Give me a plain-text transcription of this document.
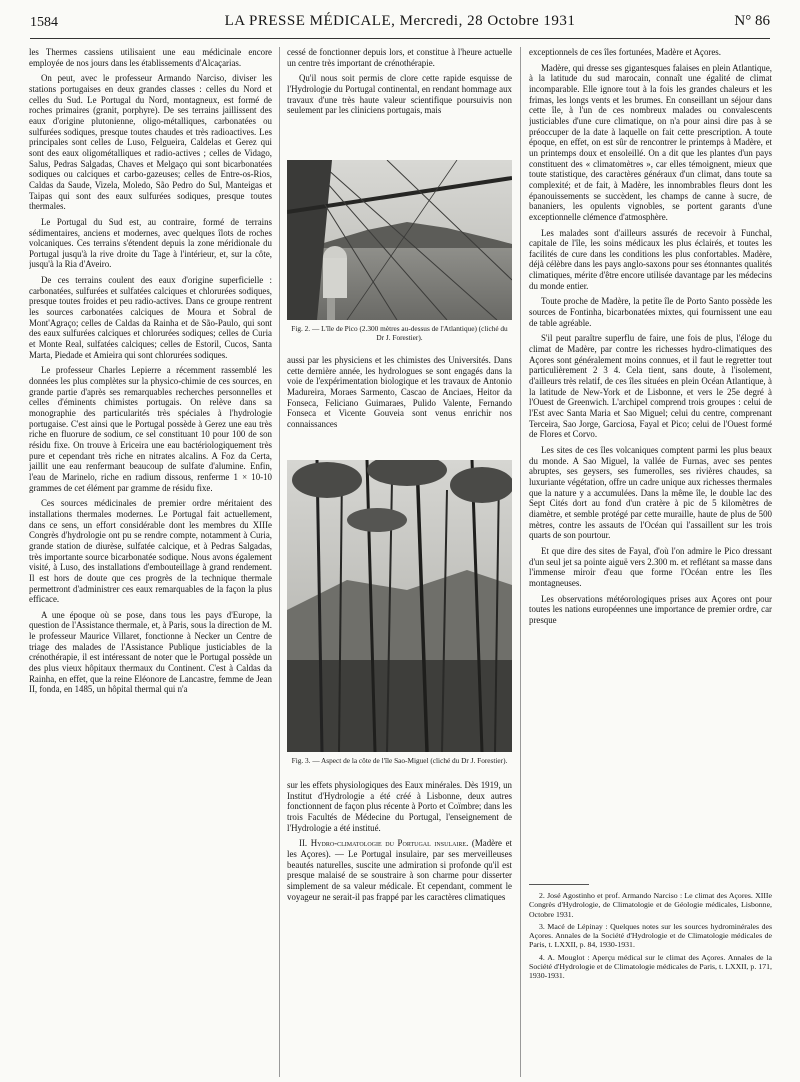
1584	LA PRESSE MÉDICALE, Mercredi, 28 Octobre 1931	N° 86

les Thermes cassiens utilisaient une eau médicinale encore employée de nos jours dans les établissements d'Alcaçarias.

On peut, avec le professeur Armando Narciso, diviser les stations portugaises en deux grandes classes : celles du Nord et celles du Sud. Le Portugal du Nord, montagneux, est formé de roches primaires (granit, porphyre). De ses terrains jaillissent des eaux d'origine plutonienne, oligo-métalliques, carbonatées ou sulfurées sodiques, presque toutes chaudes et très radioactives. Les principales sont celles de Luso, Felgueira, Caldelas et Gerez qui sont des eaux oligométalliques et radio-actives ; celles de Vidago, Salus, Pedras Salgadas, Chaves et Melgaço qui sont bicarbonatées sodiques ou calciques et carbo-gazeuses; celles de Entre-os-Rios, Caldas da Saude, Vizela, Moledo, São Pedro do Sul, Manteigas et Taipas qui sont des eaux sulfurées sodiques, presque toutes thermales.

Le Portugal du Sud est, au contraire, formé de terrains sédimentaires, anciens et modernes, avec quelques îlots de roches volcaniques. Ces terrains s'étendent depuis la zone méridionale du Portugal jusqu'à la rive droite du Tage à l'intérieur, et, sur la côte, jusqu'à la Ria d'Aveiro.

De ces terrains coulent des eaux d'origine superficielle : carbonatées, sulfurées et sulfatées calciques et chlorurées sodiques, presque toutes froides et peu radio-actives. Dans ce groupe rentrent les sources carbonatées calciques de Moura et Sobral de Mont'Agraço; celles de Caldas da Rainha et de São-Paulo, qui sont des eaux sulfurées calciques et chlorurées sodiques; celles de Curia et Monte Real, sulfatées calciques; celles de Estoril, Cucos, Santa Marta, Piedade et Amieira qui sont chlorurées sodiques.

Le professeur Charles Lepierre a récemment rassemblé les données les plus complètes sur la physico-chimie de ces sources, en grande partie d'après ses remarquables recherches personnelles et celles d'éminents chimistes portugais. On relève dans sa monographie des particularités très spéciales à l'hydrologie portugaise. C'est ainsi que le Portugal possède à Gerez une eau très riche en fluorure de sodium, ce sel constituant 10 pour 100 de son résidu fixe. On trouve à Ericeira une eau bactériologiquement très pure et cependant très riche en nitrates alcalins. A Foz da Certa, jaillit une eau renfermant beaucoup de sulfate d'alumine. Enfin, l'eau de Marinelo, riche en radium dissous, renferme 1 × 10-10 grammes de cet élément par gramme de résidu fixe.

Ces sources médicinales de premier ordre méritaient des installations thermales modernes. Le Portugal fait actuellement, dans ce sens, un effort considérable dont les membres du XIIIe Congrès d'hydrologie ont pu se rendre compte, notamment à Curia, grande station de diurèse, sulfatée calcique, et à Pedras Salgadas, très importante source bicarbonatée sodique. Nous avons également visité, à Luso, des installations d'embouteillage à grand rendement. Il est hors de doute que ces progrès de la technique thermale permettront d'administrer ces eaux remarquables de la façon la plus efficace.

A une époque où se pose, dans tous les pays d'Europe, la question de l'Assistance thermale, et, à Paris, sous la direction de M. le professeur Maurice Villaret, fonctionne à Necker un Centre de triage des malades de l'Assistance Publique justiciables de la crénothérapie, il est intéressant de noter que le Portugal possède un des plus vieux hôpitaux thermaux du Continent. C'est à Caldas da Rainha, en effet, que la reine Eléonore de Lancastre, femme de Jean II, fonda, en 1485, un hôpital thermal qui n'a

cessé de fonctionner depuis lors, et constitue à l'heure actuelle un centre très important de crénothérapie.

Qu'il nous soit permis de clore cette rapide esquisse de l'Hydrologie du Portugal continental, en rendant hommage aux travaux d'une très haute valeur scientifique poursuivis non seulement par les cliniciens portugais, mais

Fig. 2. — L'île de Pico (2.300 mètres au-dessus de l'Atlantique) (cliché du Dr J. Forestier).

aussi par les physiciens et les chimistes des Universités. Dans cette dernière année, les hydrologues se sont engagés dans la voie de l'expérimentation biologique et les travaux de Antonio Madureira, Moraes Sarmento, Cascao de Anciaes, Heitor da Fonseca, Feliciano Guimaraes, Pulido Valente, Fernando Fonseca et Vicente Gouveia sont venus enrichir nos connaissances

Fig. 3. — Aspect de la côte de l'île Sao-Miguel (cliché du Dr J. Forestier).

sur les effets physiologiques des Eaux minérales. Dès 1919, un Institut d'Hydrologie a été créé à Lisbonne, deux autres fonctionnent de façon plus récente à Porto et Coïmbre; dans les trois Facultés de Médecine du Portugal, l'enseignement de l'Hydrologie a été institué.

II. Hydro-climatologie du Portugal insulaire. (Madère et les Açores). — Le Portugal insulaire, par ses merveilleuses beautés naturelles, suscite une admiration si profonde qu'il est presque malaisé de se soustraire à son charme pour disserter simplement de sa valeur médicale. Et cependant, comment le voyageur ne serait-il pas frappé par les caractères climatiques

exceptionnels de ces îles fortunées, Madère et Açores.

Madère, qui dresse ses gigantesques falaises en plein Atlantique, à la latitude du sud marocain, connaît une égalité de climat incomparable. Elle ignore tout à la fois les grandes chaleurs et les frimas, les longs vents et les brumes. En conseillant un séjour dans cette île, à l'un de ces nombreux malades ou convalescents justiciables d'une cure climatique, on n'a pour ainsi dire pas à se préoccuper de la date à laquelle on fait cette prescription. A toute époque, en effet, on est sûr de rencontrer le printemps à Madère, et un printemps doux et ensoleillé. On a dit que les plantes d'un pays constituent des « climatomètres », car elles témoignent, mieux que toute statistique, des caractères généraux d'un climat, dans toute sa complexité; et de fait, à Madère, les innombrables fleurs dont les épanouissements se succèdent, les champs de canne à sucre, de bananiers, les opulents vignobles, se portent garants d'une exceptionnelle clémence d'atmosphère.

Les malades sont d'ailleurs assurés de recevoir à Funchal, capitale de l'île, les soins médicaux les plus éclairés, et toutes les facilités de cure dans les conditions les plus confortables. Madère, déjà célèbre dans les pays anglo-saxons pour ses étonnantes qualités climatiques, mérite d'être encore utilisée davantage par les médecins du monde entier.

Toute proche de Madère, la petite île de Porto Santo possède les sources de Fontinha, bicarbonatées mixtes, qui fournissent une eau de table agréable.

S'il peut paraître superflu de faire, une fois de plus, l'éloge du climat de Madère, par contre les richesses hydro-climatiques des Açores sont généralement moins connues, et il faut le regretter tout particulièrement 2 3 4. Cela tient, sans doute, à l'isolement, d'ailleurs très relatif, de ces îles situées en plein Océan Atlantique, à la latitude de New-York et de Lisbonne, et vers le 25e degré à l'Ouest de Greenwich. L'archipel comprend trois groupes : celui de l'Est avec Santa Maria et Sao Miguel; celui du centre, comprenant Terceira, Sao Jorge, Garciosa, Fayal et Pico; celui de l'Ouest formé de Flores et Corvo.

Les sites de ces îles volcaniques comptent parmi les plus beaux du monde. A Sao Miguel, la vallée de Furnas, avec ses pentes abruptes, ses geysers, ses fumerolles, ses rivières chaudes, sa luxuriante végétation, offre un cadre unique aux richesses thermales que la nature y a accumulées. Dans la même île, le double lac des Sept Cités dort au fond d'un cratère à pic de 5 kilomètres de diamètre, et semble protégé par cette muraille, haute de plus de 500 mètres, contre les assauts de l'Océan qui l'assaillent sur les trois quarts de son pourtour.

Et que dire des sites de Fayal, d'où l'on admire le Pico dressant d'un seul jet sa pointe aiguë vers 2.300 m. et reflétant sa masse dans l'immense miroir d'eau que forme l'Océan entre les îles montagneuses.

Les observations météorologiques prises aux Açores ont pour toutes les nations européennes une importance de premier ordre, car presque

2. José Agostinho et prof. Armando Narciso : Le climat des Açores. XIIIe Congrès d'Hydrologie, de Climatologie et de Géologie médicales, Lisbonne, Octobre 1931.

3. Macé de Lépinay : Quelques notes sur les sources hydrominérales des Açores. Annales de la Société d'Hydrologie et de Climatologie médicales de Paris, t. LXXII, p. 84, 1930-1931.

4. A. Mouglot : Aperçu médical sur le climat des Açores. Annales de la Société d'Hydrologie et de Climatologie médicales de Paris, t. LXXII, p. 171, 1930-1931.
